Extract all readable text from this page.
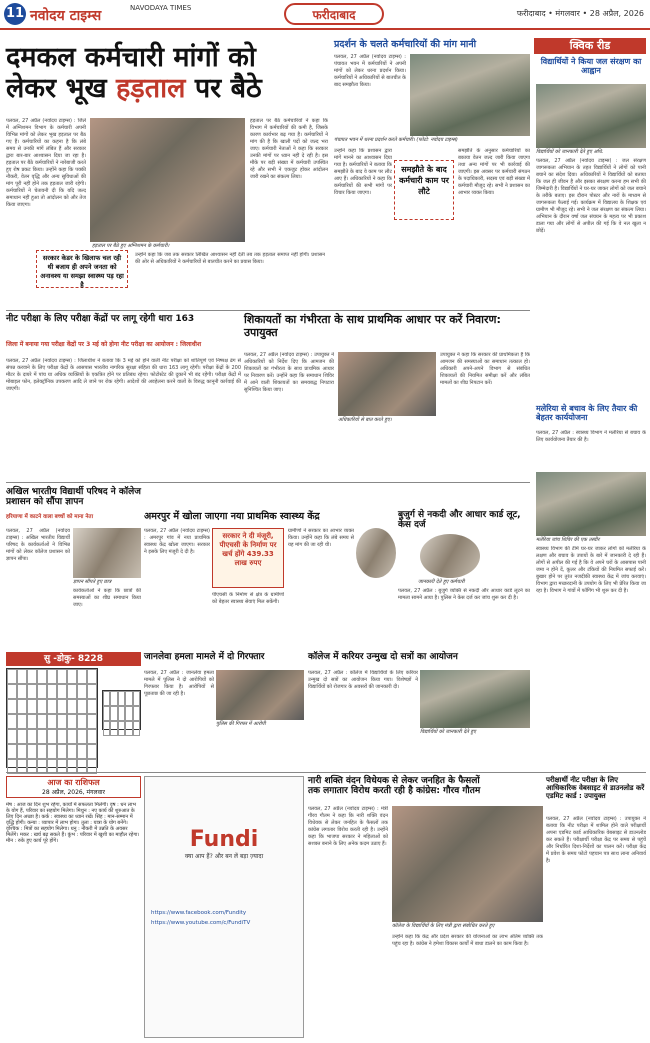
11 नवोदय टाइम्स	NAVODAYA TIMES	फरीदाबाद	फरीदाबाद • मंगलवार • 28 अप्रैल, 2026
दमकल कर्मचारी मांगों को
लेकर भूख हड़ताल पर बैठे
पलवल, 27 अप्रैल (नवोदय टाइम्स) : जिले में अग्निशमन विभाग के कर्मचारी अपनी विभिन्न मांगों को लेकर भूख हड़ताल पर बैठ गए हैं। कर्मचारियों का कहना है कि लंबे समय से उनकी मांगें लंबित हैं और सरकार द्वारा बार-बार आश्वासन दिया जा रहा है। हड़ताल पर बैठे कर्मचारियों ने नारेबाजी करते हुए रोष प्रकट किया। उन्होंने कहा कि पक्की नौकरी, वेतन वृद्धि और अन्य सुविधाओं की मांग पूरी नहीं होने तक हड़ताल जारी रहेगी। कर्मचारियों ने चेतावनी दी कि यदि जल्द समाधान नहीं हुआ तो आंदोलन को और तेज किया जाएगा।
हड़ताल पर बैठे हुए अग्निशमन के कर्मचारी।
हड़ताल पर बैठे कर्मचारियों ने कहा कि विभाग में कर्मचारियों की कमी है, जिसके कारण कार्यभार बढ़ गया है। कर्मचारियों ने मांग की है कि खाली पदों को जल्द भरा जाए। कर्मचारी नेताओं ने कहा कि सरकार उनकी मांगों पर ध्यान नहीं दे रही है। इस मौके पर बड़ी संख्या में कर्मचारी उपस्थित रहे और सभी ने एकजुट होकर आंदोलन जारी रखने का संकल्प लिया।
सरकार केडर के खिलाफ चल रही थी बजाय ही अपने जनता को अनावश्य या समझा स्वास्थ्य पड़ रहा है
उन्होंने कहा कि जब तक सरकार लिखित आश्वासन नहीं देती तब तक हड़ताल समाप्त नहीं होगी। प्रशासन की ओर से अधिकारियों ने कर्मचारियों से बातचीत करने का प्रयास किया।
प्रदर्शन के चलते कर्मचारियों की मांग मानी
पलवल, 27 अप्रैल (नवोदय टाइम्स) : पंचायत भवन में कर्मचारियों ने अपनी मांगों को लेकर धरना प्रदर्शन किया। कर्मचारियों ने अधिकारियों से बातचीत के बाद समझौता किया।
पंचायत भवन में धरना प्रदर्शन करते कर्मचारी। (फोटो: नवोदय टाइम्स)
उन्होंने कहा कि प्रशासन द्वारा मांगें मानने का आश्वासन दिया गया है। कर्मचारियों ने बताया कि समझौते के बाद वे काम पर लौट आए हैं। अधिकारियों ने कहा कि कर्मचारियों की सभी मांगों पर विचार किया जाएगा।
समझौते के बाद कर्मचारी काम पर लौटे
समझौते के अनुसार कर्मचारियों का बकाया वेतन जल्द जारी किया जाएगा तथा अन्य मांगों पर भी कार्रवाई की जाएगी। इस अवसर पर कर्मचारी संगठन के पदाधिकारी, सदस्य एवं बड़ी संख्या में कर्मचारी मौजूद रहे। सभी ने प्रशासन का आभार व्यक्त किया।
क्विक रीड
विद्यार्थियों ने किया जल संरक्षण का आह्वान
विद्यार्थियों को जानकारी देते हुए अधि.
पलवल, 27 अप्रैल (नवोदय टाइम्स) : जल संरक्षण जागरूकता अभियान के तहत विद्यार्थियों ने लोगों को पानी बचाने का संदेश दिया। अधिकारियों ने विद्यार्थियों को बताया कि जल ही जीवन है और इसका संरक्षण करना हम सभी की जिम्मेदारी है। विद्यार्थियों ने घर-घर जाकर लोगों को जल बचाने के तरीके बताए। इस दौरान पोस्टर और नारों के माध्यम से जागरूकता फैलाई गई। कार्यक्रम में विद्यालय के शिक्षक एवं ग्रामीण भी मौजूद रहे। सभी ने जल संरक्षण का संकल्प लिया। अभियान के दौरान वर्षा जल संचयन के महत्व पर भी प्रकाश डाला गया और लोगों से अपील की गई कि वे नल खुला न छोड़ें।
मलेरिया से बचाव के लिए तैयार की बेहतर कार्ययोजना
पलवल, 27 अप्रैल : स्वास्थ्य विभाग ने मलेरिया से बचाव के लिए कार्ययोजना तैयार की है।
मलेरिया जांच शिविर की एक तस्वीर
स्वास्थ्य विभाग की टीमें घर-घर जाकर लोगों को मलेरिया के लक्षण और बचाव के उपायों के बारे में जानकारी दे रही हैं। लोगों से अपील की गई है कि वे अपने घरों के आसपास पानी जमा न होने दें, कूलर और टंकियों की नियमित सफाई करें। बुखार होने पर तुरंत नजदीकी स्वास्थ्य केंद्र में जांच करवाएं। विभाग द्वारा मच्छरदानी के उपयोग के लिए भी प्रेरित किया जा रहा है। विभाग ने गांवों में फॉगिंग भी शुरू कर दी है।
नीट परीक्षा के लिए परीक्षा केंद्रों पर लागू रहेगी धारा 163
जिला में बनाया गया परीक्षा केंद्रों पर 3 मई को होगा नीट परीक्षा का आयोजन : जिलाधीश
पलवल, 27 अप्रैल (नवोदय टाइम्स) : जिलाधीश ने बताया कि 3 मई को होने वाली नीट परीक्षा को शांतिपूर्ण एवं निष्पक्ष ढंग से संपन्न करवाने के लिए परीक्षा केंद्रों के आसपास भारतीय नागरिक सुरक्षा संहिता की धारा 163 लागू रहेगी। परीक्षा केंद्रों के 200 मीटर के दायरे में पांच या अधिक व्यक्तियों के एकत्रित होने पर प्रतिबंध रहेगा। फोटोस्टेट की दुकानें भी बंद रहेंगी। परीक्षा केंद्रों में मोबाइल फोन, इलेक्ट्रॉनिक उपकरण आदि ले जाने पर रोक रहेगी। आदेशों की अवहेलना करने वालों के विरुद्ध कानूनी कार्रवाई की जाएगी।
शिकायतों का गंभीरता के साथ प्राथमिक आधार पर करें निवारण: उपायुक्त
पलवल, 27 अप्रैल (नवोदय टाइम्स) : उपायुक्त ने अधिकारियों को निर्देश दिए कि आमजन की शिकायतों का गंभीरता के साथ प्राथमिक आधार पर निवारण करें। उन्होंने कहा कि समाधान शिविर में आने वाली शिकायतों का समयबद्ध निपटारा सुनिश्चित किया जाए।
अधिकारियों से बात करते हुए।
उपायुक्त ने कहा कि सरकार की प्राथमिकता है कि आमजन की समस्याओं का समाधान तत्काल हो। अधिकारी अपने-अपने विभाग से संबंधित शिकायतों की नियमित समीक्षा करें और लंबित मामलों का शीघ्र निपटान करें।
अखिल भारतीय विद्यार्थी परिषद ने कॉलेज प्रशासन को सौंपा ज्ञापन
हरियाणा में काटने वाला बच्चों को माना नेता
पलवल, 27 अप्रैल (नवोदय टाइम्स) : अखिल भारतीय विद्यार्थी परिषद के कार्यकर्ताओं ने विभिन्न मांगों को लेकर कॉलेज प्रशासन को ज्ञापन सौंपा।
ज्ञापन सौंपते हुए छात्र
कार्यकर्ताओं ने कहा कि छात्रों की समस्याओं का शीघ्र समाधान किया जाए।
अमरपुर में खोला जाएगा नया प्राथमिक स्वास्थ्य केंद्र
पलवल, 27 अप्रैल (नवोदय टाइम्स) : अमरपुर गांव में नया प्राथमिक स्वास्थ्य केंद्र खोला जाएगा। सरकार ने इसके लिए मंजूरी दे दी है।
सरकार ने दी मंजूरी, पीएचसी के निर्माण पर खर्च होंगे 439.33 लाख रुपए
पीएचसी के निर्माण से क्षेत्र के ग्रामीणों को बेहतर स्वास्थ्य सेवाएं मिल सकेंगी।
ग्रामीणों ने सरकार का आभार व्यक्त किया। उन्होंने कहा कि लंबे समय से यह मांग की जा रही थी।
बुजुर्ग से नकदी और आधार कार्ड लूट, केस दर्ज
जानकारी देते हुए कर्मचारी
पलवल, 27 अप्रैल : बुजुर्ग व्यक्ति से नकदी और आधार कार्ड लूटने का मामला सामने आया है। पुलिस ने केस दर्ज कर जांच शुरू कर दी है।
सु -डोकु- 8228	जानलेवा हमला मामले में दो गिरफ्तार
पलवल, 27 अप्रैल : जानलेवा हमला मामले में पुलिस ने दो आरोपियों को गिरफ्तार किया है। आरोपियों से पूछताछ की जा रही है।
पुलिस की गिरफ्त में आरोपी
कॉलेज में करियर उन्मुख दो सत्रों का आयोजन
पलवल, 27 अप्रैल : कॉलेज में विद्यार्थियों के लिए करियर उन्मुख दो सत्रों का आयोजन किया गया। विशेषज्ञों ने विद्यार्थियों को रोजगार के अवसरों की जानकारी दी।
विद्यार्थियों को जानकारी देते हुए
आज का राशिफल
28 अप्रैल, 2026, मंगलवार
मेष : आज का दिन शुभ रहेगा, कार्यों में सफलता मिलेगी। वृष : धन लाभ के योग हैं, परिवार का सहयोग मिलेगा। मिथुन : नए कार्य की शुरुआत के लिए दिन अच्छा है। कर्क : स्वास्थ्य का ध्यान रखें। सिंह : मान-सम्मान में वृद्धि होगी। कन्या : व्यापार में लाभ होगा। तुला : यात्रा के योग बनेंगे। वृश्चिक : मित्रों का सहयोग मिलेगा। धनु : नौकरी में उन्नति के अवसर मिलेंगे। मकर : खर्च बढ़ सकते हैं। कुंभ : परिवार में खुशी का माहौल रहेगा। मीन : रुके हुए कार्य पूरे होंगे।	Fundi
क्या आप हैं? और बन लें बड़ा ज़्यादा
https://www.facebook.com/Fundity
https://www.youtube.com/c/FundiTV
नारी शक्ति वंदन विधेयक से लेकर जनहित के फैसलों
तक लगातार विरोध करती रही है कांग्रेस: गौरव गौतम
पलवल, 27 अप्रैल (नवोदय टाइम्स) : मंत्री गौरव गौतम ने कहा कि नारी शक्ति वंदन विधेयक से लेकर जनहित के फैसलों तक कांग्रेस लगातार विरोध करती रही है। उन्होंने कहा कि भाजपा सरकार ने महिलाओं को सशक्त बनाने के लिए अनेक कदम उठाए हैं।
कॉलेज के विद्यार्थियों के लिए मंत्री द्वारा संबोधित करते हुए
उन्होंने कहा कि केंद्र और प्रदेश सरकार की योजनाओं का लाभ अंतिम व्यक्ति तक पहुंच रहा है। कांग्रेस ने हमेशा विकास कार्यों में बाधा डालने का काम किया है।
परीक्षार्थी नीट परीक्षा के लिए आधिकारिक वेबसाइट से डाउनलोड करें एडमिट कार्ड : उपायुक्त
पलवल, 27 अप्रैल (नवोदय टाइम्स) : उपायुक्त ने बताया कि नीट परीक्षा में शामिल होने वाले परीक्षार्थी अपना एडमिट कार्ड आधिकारिक वेबसाइट से डाउनलोड कर सकते हैं। परीक्षार्थी परीक्षा केंद्र पर समय से पहुंचें और निर्धारित दिशा-निर्देशों का पालन करें। परीक्षा केंद्र में प्रवेश के समय फोटो पहचान पत्र साथ लाना अनिवार्य है।
